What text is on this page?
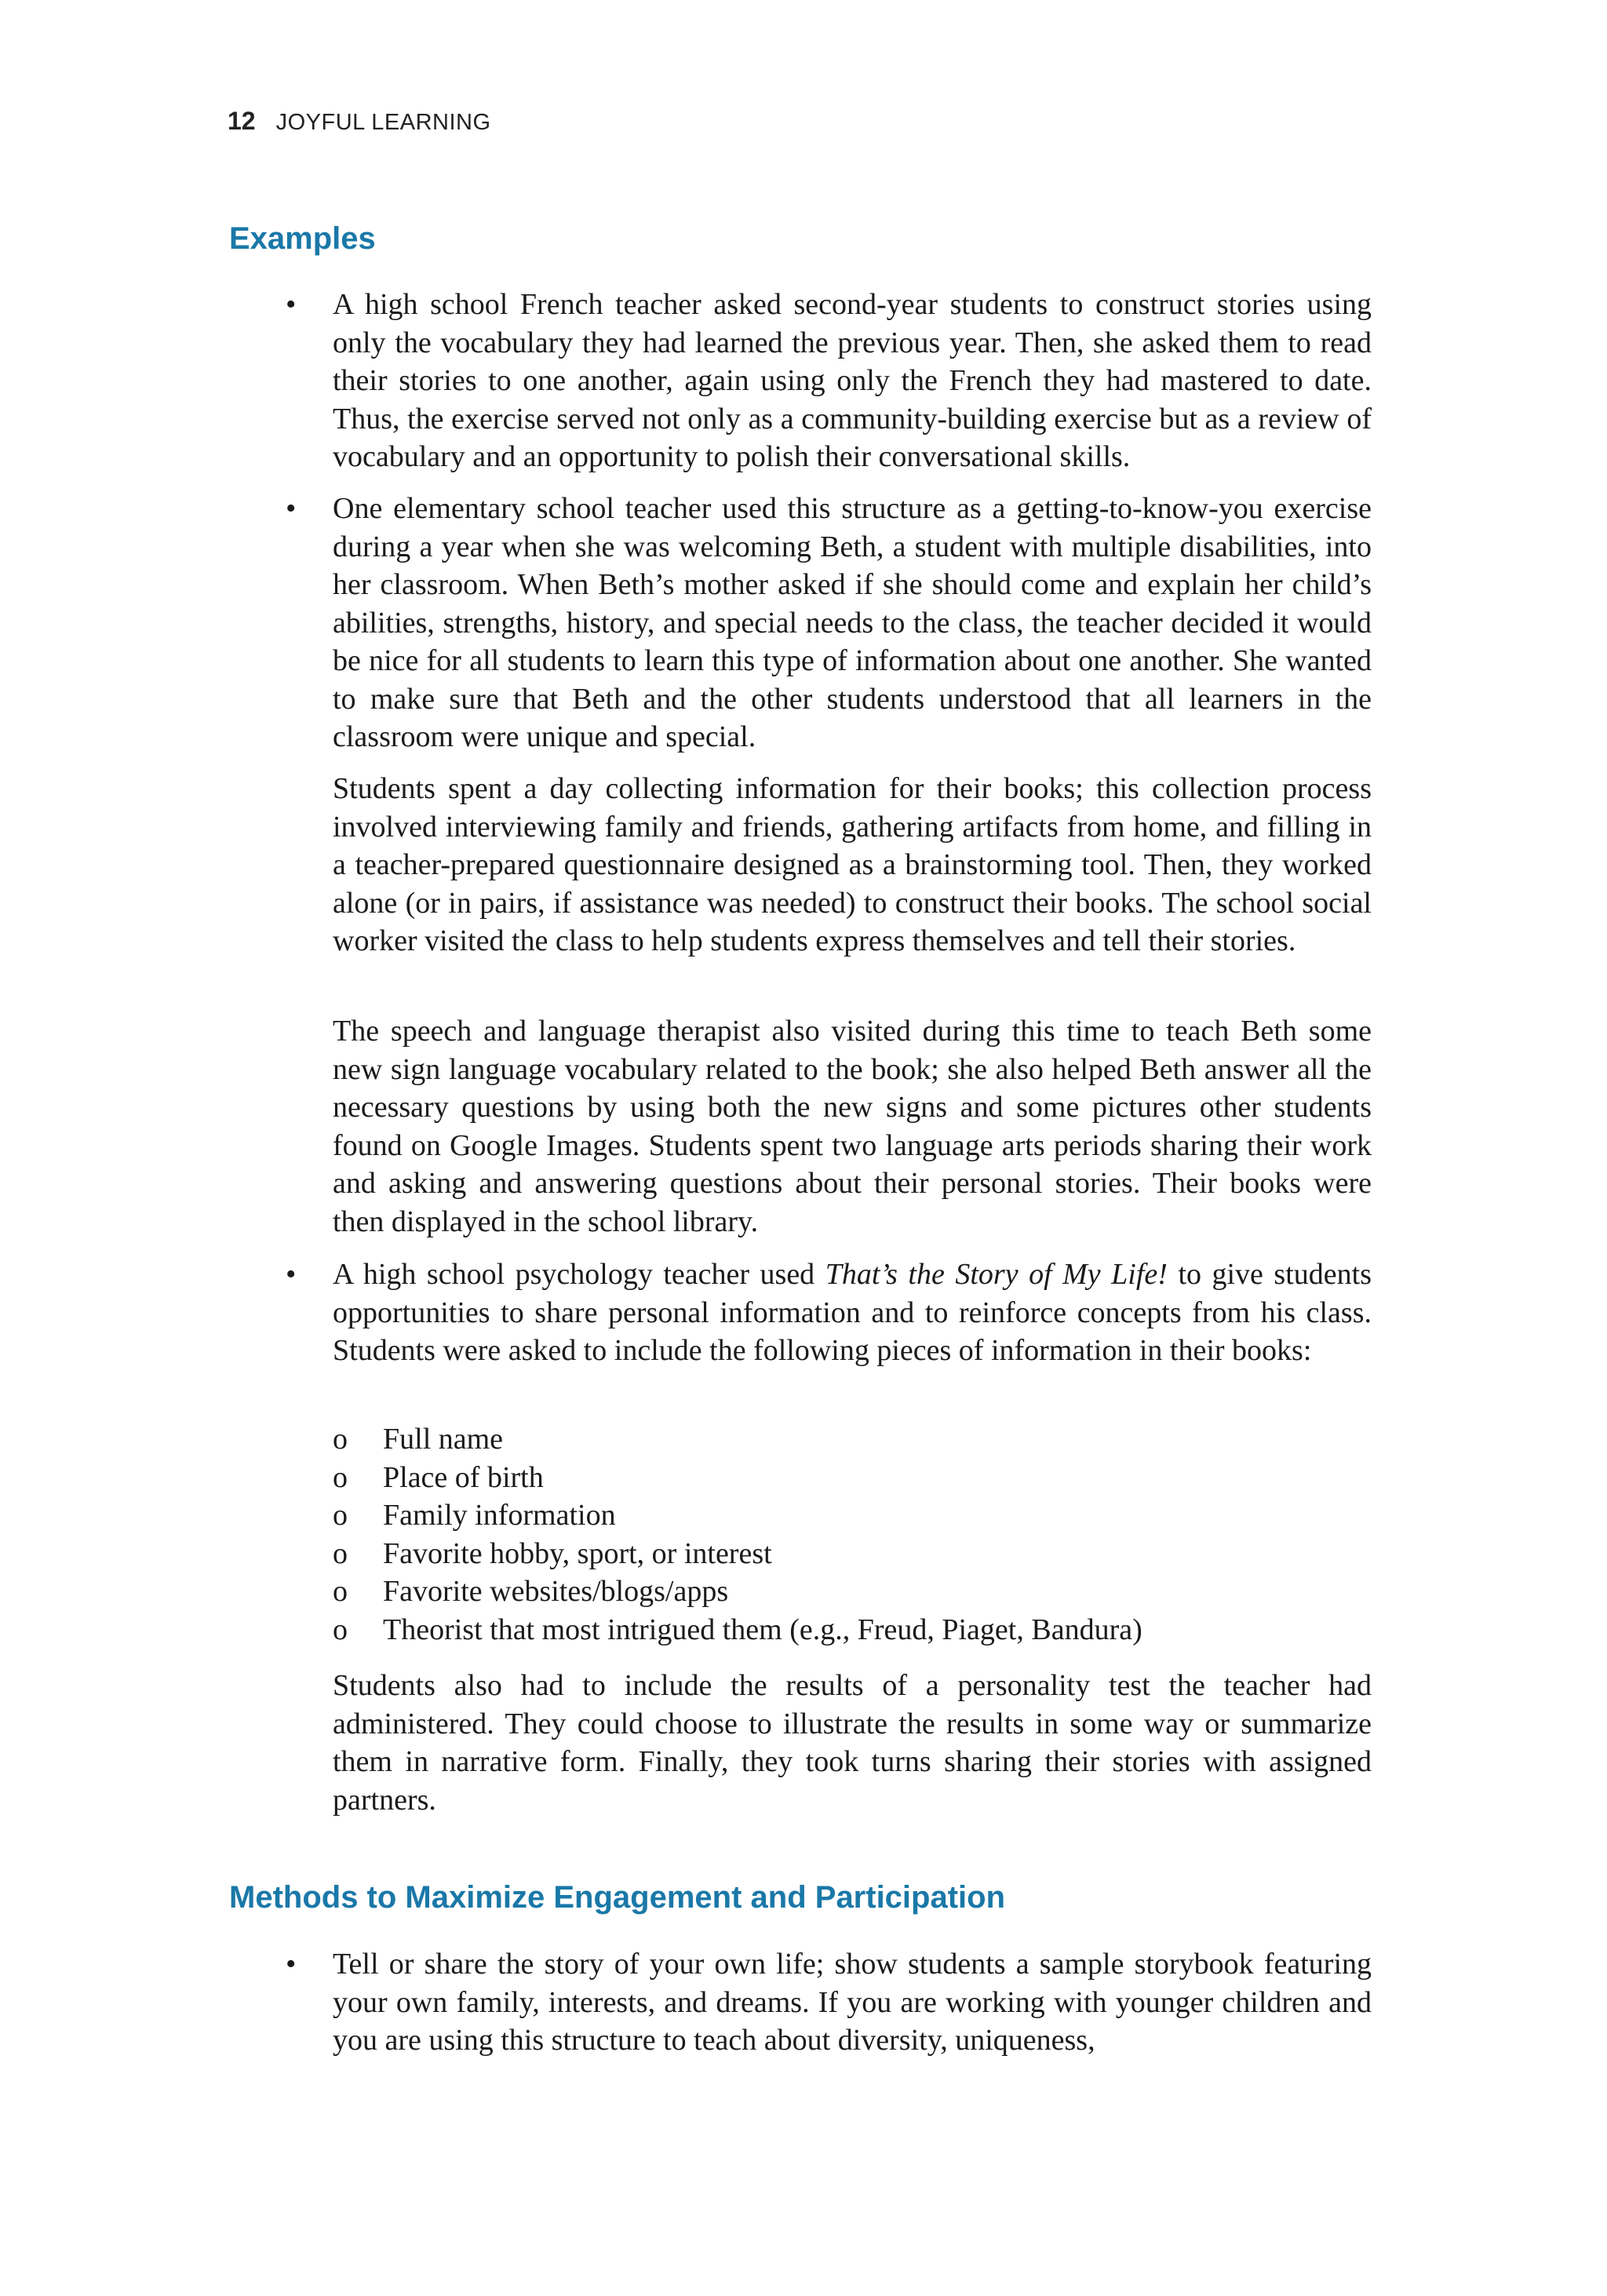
12 JOYFUL LEARNING
Examples

• A high school French teacher asked second-year students to construct stories using only the vocabulary they had learned the previous year. Then, she asked them to read their stories to one another, again using only the French they had mastered to date. Thus, the exercise served not only as a community-building exercise but as a review of vocabulary and an opportunity to polish their conversational skills.

• One elementary school teacher used this structure as a getting-to-know-you exercise during a year when she was welcoming Beth, a student with multiple disabilities, into her classroom. When Beth’s mother asked if she should come and explain her child’s abilities, strengths, history, and special needs to the class, the teacher decided it would be nice for all students to learn this type of information about one another. She wanted to make sure that Beth and the other students understood that all learners in the classroom were unique and special.

Students spent a day collecting information for their books; this collection process involved interviewing family and friends, gathering artifacts from home, and filling in a teacher-prepared questionnaire designed as a brainstorming tool. Then, they worked alone (or in pairs, if assistance was needed) to construct their books. The school social worker visited the class to help students express themselves and tell their stories.

The speech and language therapist also visited during this time to teach Beth some new sign language vocabulary related to the book; she also helped Beth answer all the necessary questions by using both the new signs and some pictures other students found on Google Images. Students spent two language arts periods sharing their work and asking and answering questions about their personal stories. Their books were then displayed in the school library.

• A high school psychology teacher used That’s the Story of My Life! to give students opportunities to share personal information and to reinforce concepts from his class. Students were asked to include the following pieces of information in their books:

o Full name
o Place of birth
o Family information
o Favorite hobby, sport, or interest
o Favorite websites/blogs/apps
o Theorist that most intrigued them (e.g., Freud, Piaget, Bandura)

Students also had to include the results of a personality test the teacher had administered. They could choose to illustrate the results in some way or summarize them in narrative form. Finally, they took turns sharing their stories with assigned partners.

Methods to Maximize Engagement and Participation

• Tell or share the story of your own life; show students a sample storybook featuring your own family, interests, and dreams. If you are working with younger children and you are using this structure to teach about diversity, uniqueness,
